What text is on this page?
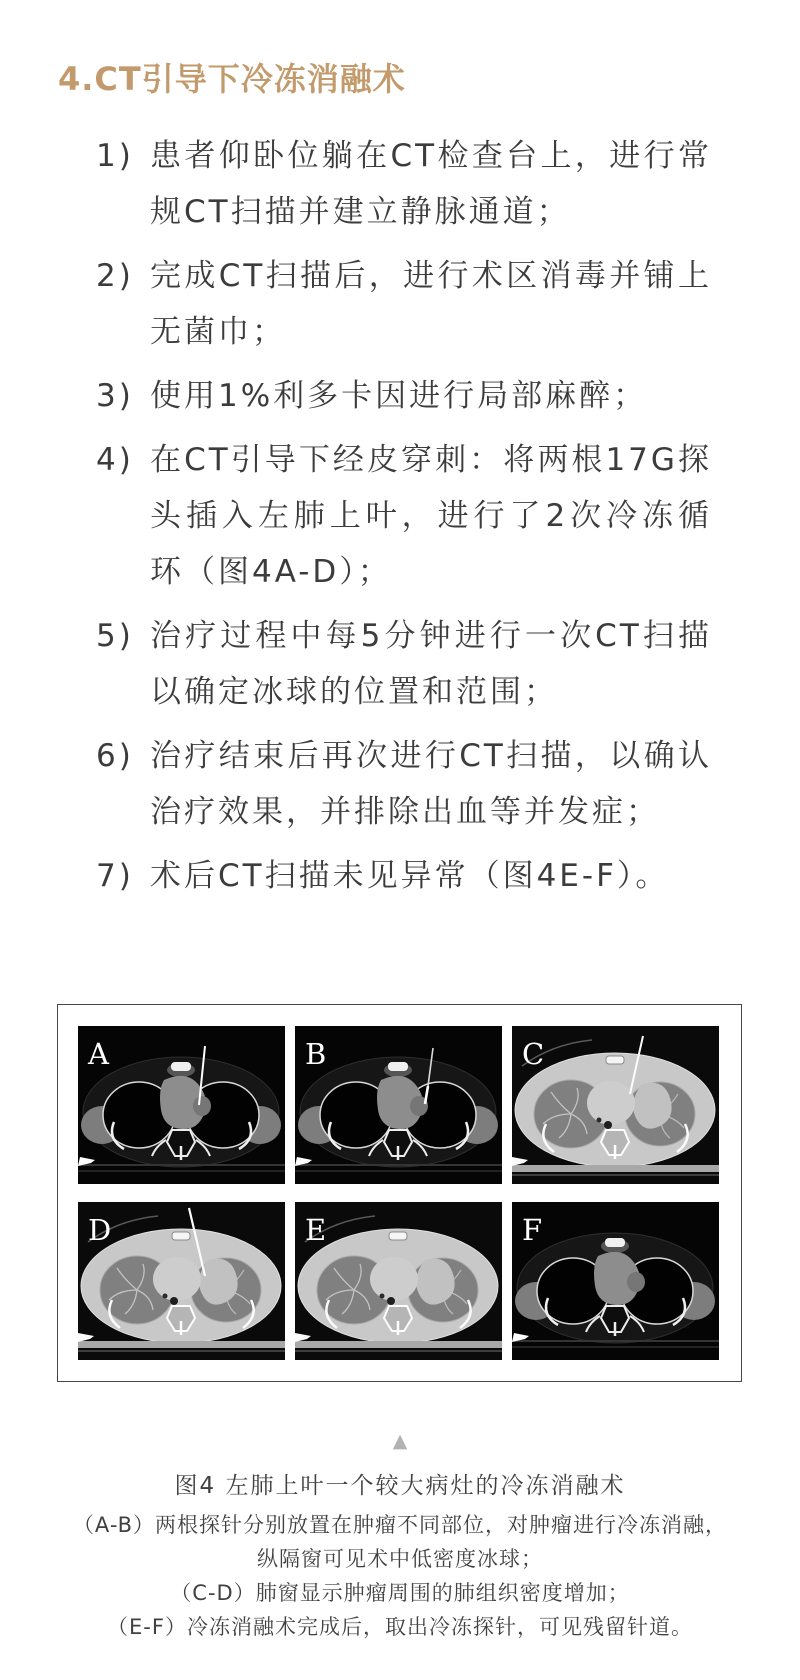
4.CT引导下冷冻消融术
1) 患者仰卧位躺在CT检查台上，进行常规CT扫描并建立静脉通道；
2) 完成CT扫描后，进行术区消毒并铺上无菌巾；
3) 使用1%利多卡因进行局部麻醉；
4) 在CT引导下经皮穿刺：将两根17G探头插入左肺上叶，进行了2次冷冻循环（图4A-D）；
5) 治疗过程中每5分钟进行一次CT扫描以确定冰球的位置和范围；
6) 治疗结束后再次进行CT扫描，以确认治疗效果，并排除出血等并发症；
7) 术后CT扫描未见异常（图4E-F）。
A	B	C
D	E	F
▲
图4 左肺上叶一个较大病灶的冷冻消融术
（A-B）两根探针分别放置在肿瘤不同部位，对肿瘤进行冷冻消融，
纵隔窗可见术中低密度冰球；
（C-D）肺窗显示肿瘤周围的肺组织密度增加；
（E-F）冷冻消融术完成后，取出冷冻探针，可见残留针道。
